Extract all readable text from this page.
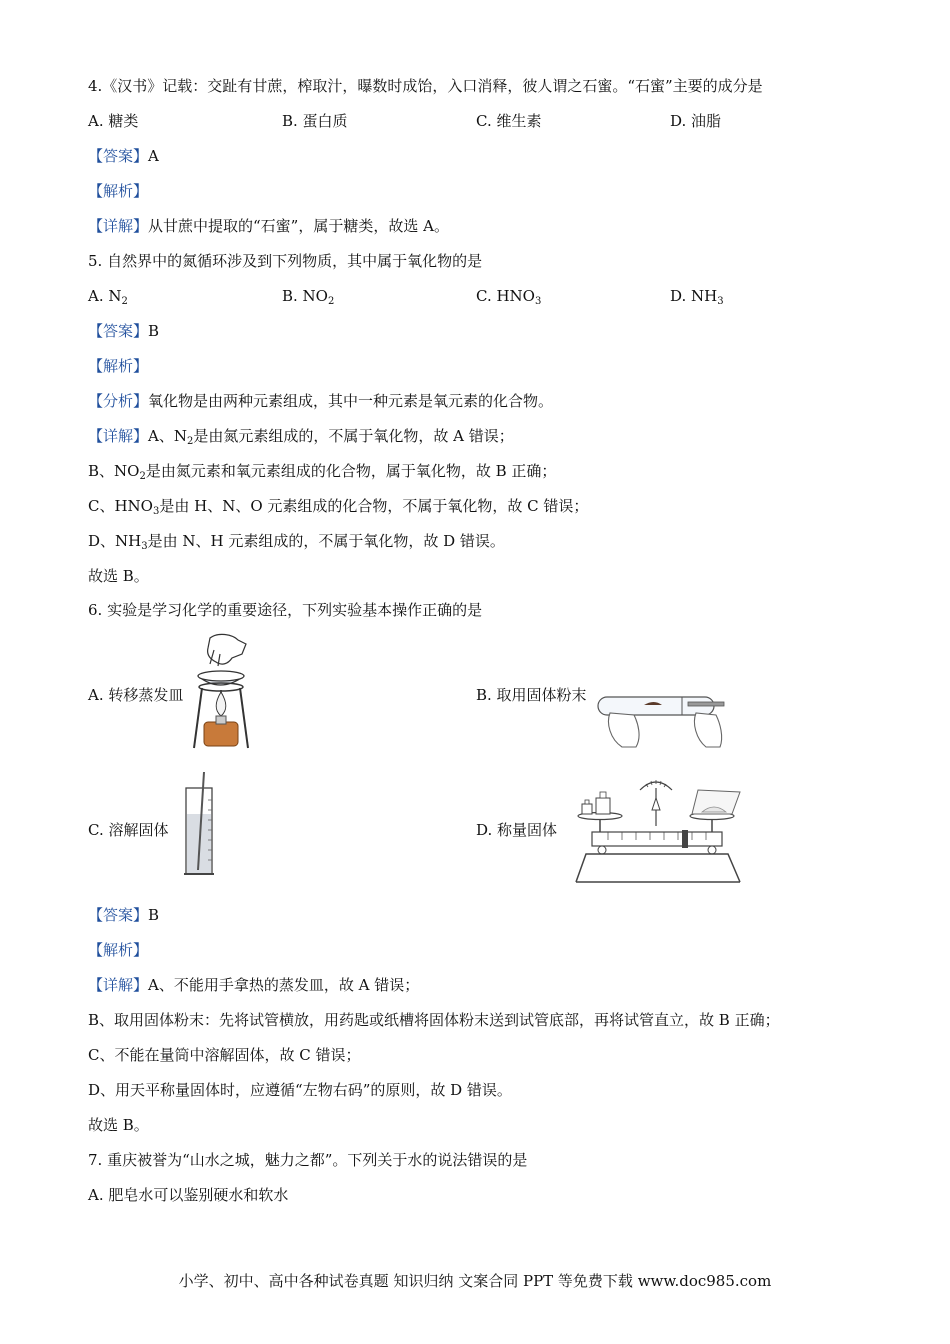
4.《汉书》记载：交趾有甘蔗，榨取汁，曝数时成饴，入口消释，彼人谓之石蜜。“石蜜”主要的成分是
A. 糖类	B. 蛋白质	C. 维生素	D. 油脂
【答案】A
【解析】
【详解】从甘蔗中提取的“石蜜”，属于糖类，故选 A。
5. 自然界中的氮循环涉及到下列物质，其中属于氧化物的是
A. $N_2$	B. $NO_2$	C. $HNO_3$	D. $NH_3$
【答案】B
【解析】
【分析】氧化物是由两种元素组成，其中一种元素是氧元素的化合物。
【详解】A、$N_2$是由氮元素组成的，不属于氧化物，故 A 错误；
B、$NO_2$是由氮元素和氧元素组成的化合物，属于氧化物，故 B 正确；
C、$HNO_3$是由 H、N、O 元素组成的化合物，不属于氧化物，故 C 错误；
D、$NH_3$是由 N、H 元素组成的，不属于氧化物，故 D 错误。
故选 B。
6. 实验是学习化学的重要途径，下列实验基本操作正确的是
A. 转移蒸发皿	B. 取用固体粉末
C. 溶解固体	D. 称量固体
【答案】B
【解析】
【详解】A、不能用手拿热的蒸发皿，故 A 错误；
B、取用固体粉末：先将试管横放，用药匙或纸槽将固体粉末送到试管底部，再将试管直立，故 B 正确；
C、不能在量筒中溶解固体，故 C 错误；
D、用天平称量固体时，应遵循“左物右码”的原则，故 D 错误。
故选 B。
7. 重庆被誉为“山水之城，魅力之都”。下列关于水的说法错误的是
A. 肥皂水可以鉴别硬水和软水
小学、初中、高中各种试卷真题 知识归纳 文案合同 PPT 等免费下载 www.doc985.com
